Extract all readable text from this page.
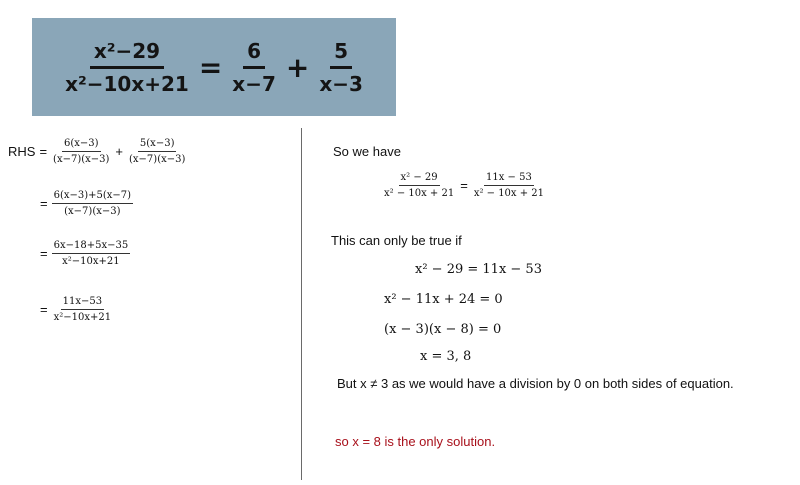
$\frac{\text{x²−29}}{\text{x²−10x+21}} = \frac{6}{x-7} + \frac{5}{x-3}$
RHS = $\frac{6(x-3)}{(x-7)(x-3)} + \frac{5(x-3)}{(x-7)(x-3)}$
= $\frac{6(x-3)+5(x-7)}{(x-7)(x-3)}$
= $\frac{6x-18+5x-35}{\text{x²−10x+21}}$
= $\frac{11x-53}{\text{x²−10x+21}}$
So we have
$\frac{\text{x² − 29}}{\text{x² − 10x + 21}} = \frac{11x - 53}{\text{x² − 10x + 21}}$
This can only be true if
x² − 29 = 11x − 53
x² − 11x + 24 = 0
(x − 3)(x − 8) = 0
x = 3, 8
But x ≠ 3 as we would have a division by 0 on both sides of equation.
so x = 8 is the only solution.
